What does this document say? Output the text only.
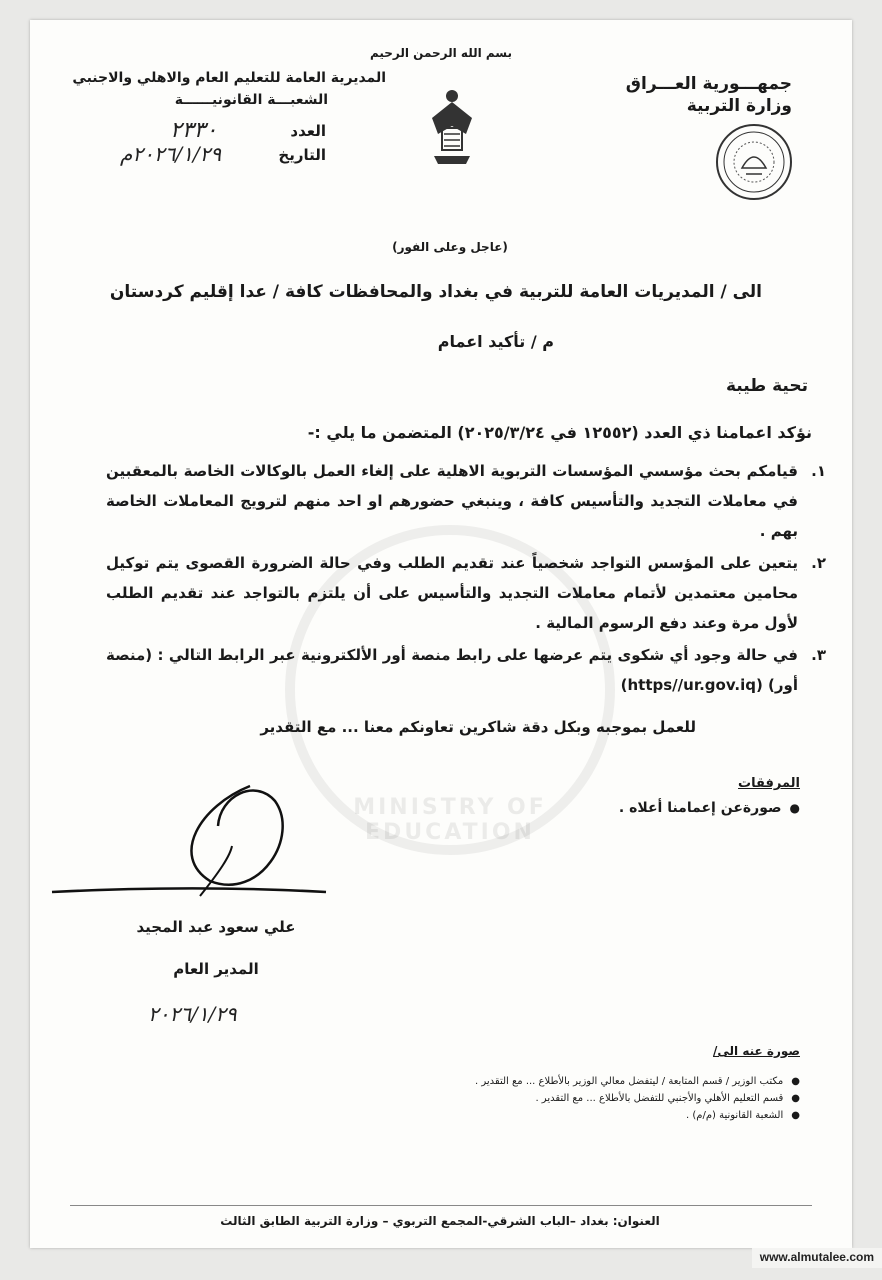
MINISTRY OF EDUCATION
بسم الله الرحمن الرحيم
جمهـــورية العـــراق
وزارة التربية
المديرية العامة للتعليم العام والاهلي والاجنبي
الشعبـــة القانونيــــــة
العدد
٢٣٣٠
التاريخ
٢٠٢٦/١/٢٩م
(عاجل وعلى الفور)
الى / المديريات العامة للتربية في بغداد والمحافظات كافة / عدا إقليم كردستان
م / تأكيد اعمام
تحية طيبة
نؤكد اعمامنا ذي العدد (١٢٥٥٢ في ٢٠٢٥/٣/٢٤) المتضمن ما يلي :-
١.
قيامكم بحث مؤسسي المؤسسات التربوية الاهلية على إلغاء العمل بالوكالات الخاصة بالمعقبين في معاملات التجديد والتأسيس كافة ، وينبغي حضورهم او احد منهم لترويج المعاملات الخاصة بهم .
٢.
يتعين على المؤسس التواجد شخصياً عند تقديم الطلب وفي حالة الضرورة القصوى يتم توكيل محامين معتمدين لأتمام معاملات التجديد والتأسيس على أن يلتزم بالتواجد عند تقديم الطلب لأول مرة وعند دفع الرسوم المالية .
٣.
في حالة وجود أي شكوى يتم عرضها على رابط منصة أور الألكترونية عبر الرابط التالي : (منصة أور) (https//ur.gov.iq)
للعمل بموجبه وبكل دقة شاكرين تعاونكم معنا ... مع التقدير
المرفقات
●
صورةعن إعمامنا أعلاه .
علي سعود عبد المجيد
المدير العام
٢٠٢٦/١/٢٩
صورة عنه الى/
●
مكتب الوزير / قسم المتابعة / ليتفضل معالي الوزير بالأطلاع ... مع التقدير .
●
قسم التعليم الأهلي والأجنبي للتفضل بالأطلاع ... مع التقدير .
●
الشعبة القانونية (م/م) .
العنوان: بغداد –الباب الشرقي-المجمع التربوي – وزارة التربية الطابق الثالث
www.almutalee.com
